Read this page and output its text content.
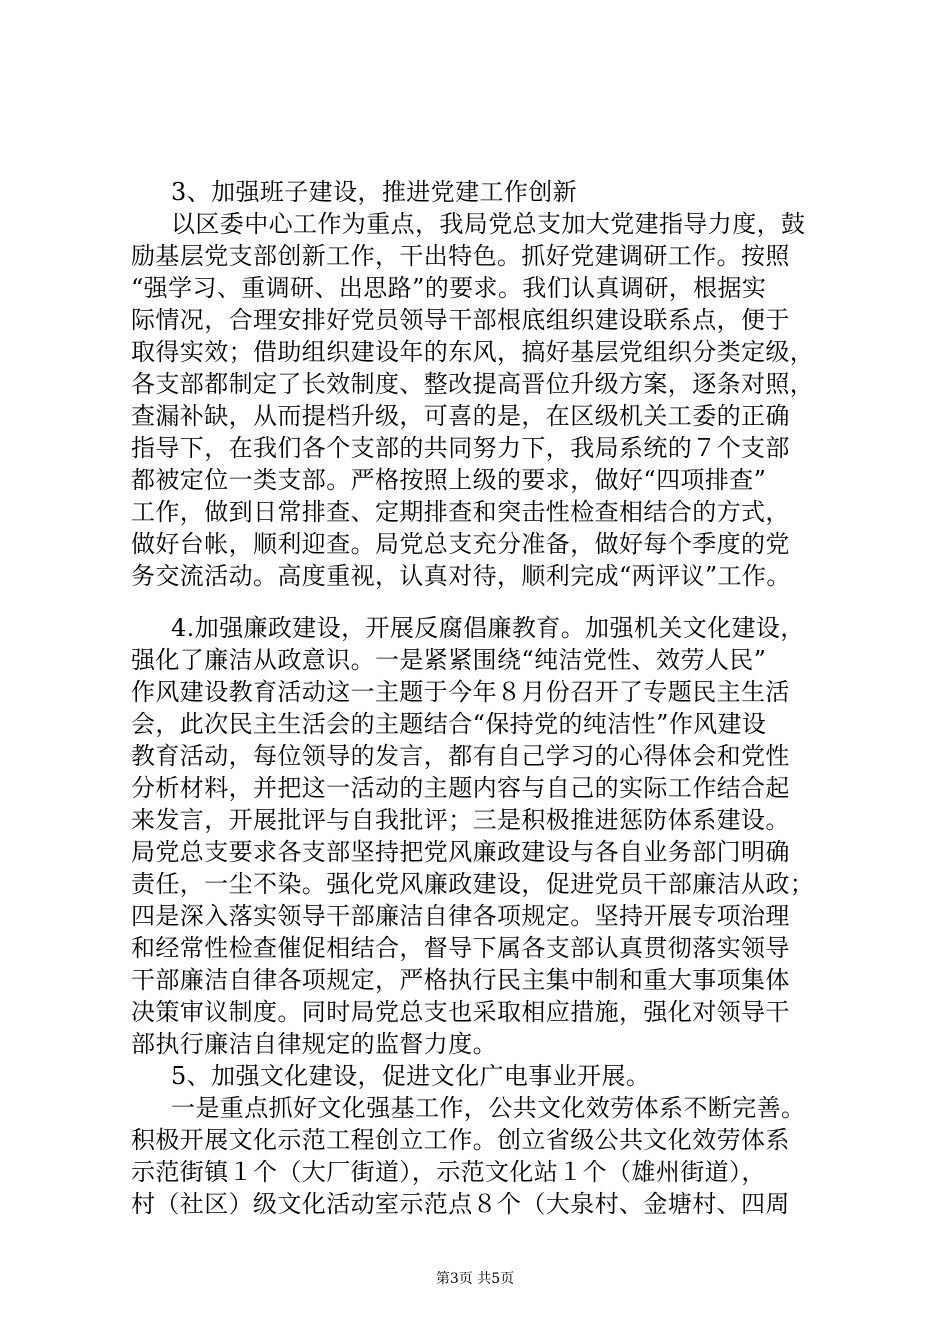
3、加强班子建设，推进党建工作创新
以区委中心工作为重点，我局党总支加大党建指导力度，鼓
励基层党支部创新工作，干出特色。抓好党建调研工作。按照
“强学习、重调研、出思路”的要求。我们认真调研，根据实
际情况，合理安排好党员领导干部根底组织建设联系点，便于
取得实效；借助组织建设年的东风，搞好基层党组织分类定级，
各支部都制定了长效制度、整改提高晋位升级方案，逐条对照，
查漏补缺，从而提档升级，可喜的是，在区级机关工委的正确
指导下，在我们各个支部的共同努力下，我局系统的７个支部
都被定位一类支部。严格按照上级的要求，做好“四项排查”
工作，做到日常排查、定期排查和突击性检查相结合的方式，
做好台帐，顺利迎查。局党总支充分准备，做好每个季度的党
务交流活动。高度重视，认真对待，顺利完成“两评议”工作。
4.加强廉政建设，开展反腐倡廉教育。加强机关文化建设，
强化了廉洁从政意识。一是紧紧围绕“纯洁党性、效劳人民”
作风建设教育活动这一主题于今年８月份召开了专题民主生活
会，此次民主生活会的主题结合“保持党的纯洁性”作风建设
教育活动，每位领导的发言，都有自己学习的心得体会和党性
分析材料，并把这一活动的主题内容与自己的实际工作结合起
来发言，开展批评与自我批评；三是积极推进惩防体系建设。
局党总支要求各支部坚持把党风廉政建设与各自业务部门明确
责任，一尘不染。强化党风廉政建设，促进党员干部廉洁从政；
四是深入落实领导干部廉洁自律各项规定。坚持开展专项治理
和经常性检查催促相结合，督导下属各支部认真贯彻落实领导
干部廉洁自律各项规定，严格执行民主集中制和重大事项集体
决策审议制度。同时局党总支也采取相应措施，强化对领导干
部执行廉洁自律规定的监督力度。
5、加强文化建设，促进文化广电事业开展。
一是重点抓好文化强基工作，公共文化效劳体系不断完善。
积极开展文化示范工程创立工作。创立省级公共文化效劳体系
示范街镇１个（大厂街道），示范文化站１个（雄州街道），
村（社区）级文化活动室示范点８个（大泉村、金塘村、四周
第3页 共5页
